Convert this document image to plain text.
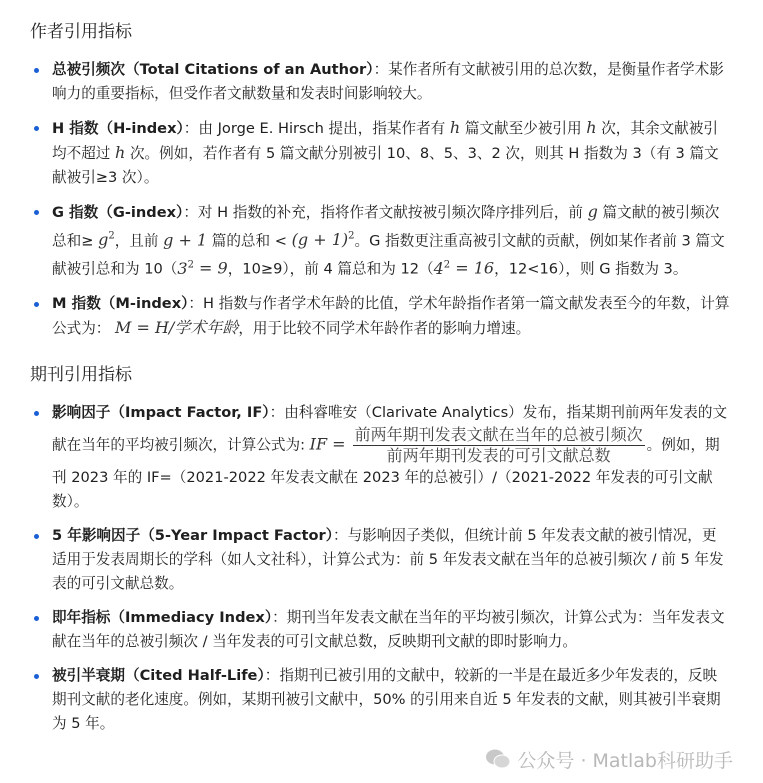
作者引用指标
总被引频次（Total Citations of an Author）：某作者所有文献被引用的总次数，是衡量作者学术影响力的重要指标，但受作者文献数量和发表时间影响较大。
H 指数（H-index）：由 Jorge E. Hirsch 提出，指某作者有 h 篇文献至少被引用 h 次，其余文献被引均不超过 h 次。例如，若作者有 5 篇文献分别被引 10、8、5、3、2 次，则其 H 指数为 3（有 3 篇文献被引≥3 次）。
G 指数（G-index）：对 H 指数的补充，指将作者文献按被引频次降序排列后，前 g 篇文献的被引频次总和≥ $g^2$，且前 g + 1 篇的总和 < $(g + 1)^2$。G 指数更注重高被引文献的贡献，例如某作者前 3 篇文献被引总和为 $10(3^2 = 9$，10≥9），前 4 篇总和为 $12(4^2 = 16$，12<16），则 G 指数为 3。
M 指数（M-index）：H 指数与作者学术年龄的比值，学术年龄指作者第一篇文献发表至今的年数，计算公式为： M = H/学术年龄，用于比较不同学术年龄作者的影响力增速。
期刊引用指标
影响因子（Impact Factor, IF）：由科睿唯安（Clarivate Analytics）发布，指某期刊前两年发表的文献在当年的平均被引频次，计算公式为: IF = $\frac{\text{前两年期刊发表文献在当年的总被引频次}}{\text{前两年期刊发表的可引文献总数}}$ 。例如，期刊 2023 年的 IF=（2021-2022 年发表文献在 2023 年的总被引）/（2021-2022 年发表的可引文献数）。
5 年影响因子（5-Year Impact Factor）：与影响因子类似，但统计前 5 年发表文献的被引情况，更适用于发表周期长的学科（如人文社科），计算公式为：前 5 年发表文献在当年的总被引频次 / 前 5 年发表的可引文献总数。
即年指标（Immediacy Index）：期刊当年发表文献在当年的平均被引频次，计算公式为：当年发表文献在当年的总被引频次 / 当年发表的可引文献总数，反映期刊文献的即时影响力。
被引半衰期（Cited Half-Life）：指期刊已被引用的文献中，较新的一半是在最近多少年发表的，反映期刊文献的老化速度。例如，某期刊被引文献中，50% 的引用来自近 5 年发表的文献，则其被引半衰期为 5 年。
公众号 · Matlab科研助手
